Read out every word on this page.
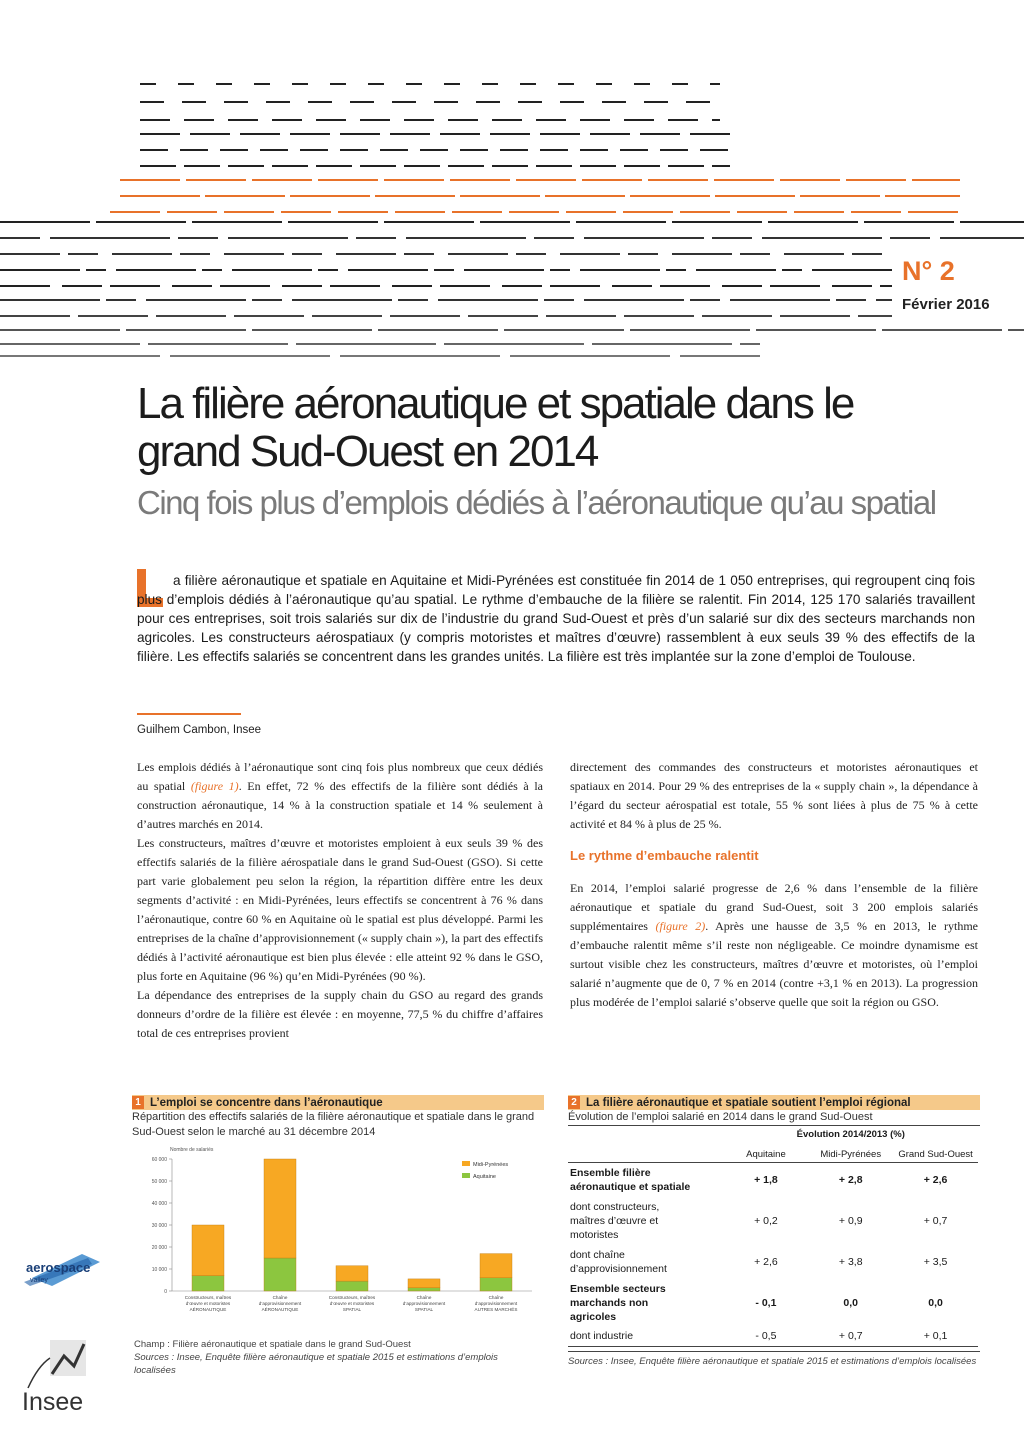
N° 2
Février 2016
La filière aéronautique et spatiale dans le grand Sud-Ouest en 2014
Cinq fois plus d’emplois dédiés à l’aéronautique qu’au spatial
a filière aéronautique et spatiale en Aquitaine et Midi-Pyrénées est constituée fin 2014 de 1 050 entreprises, qui regroupent cinq fois plus d’emplois dédiés à l’aéronautique qu’au spatial. Le rythme d’embauche de la filière se ralentit. Fin 2014, 125 170 salariés travaillent pour ces entreprises, soit trois salariés sur dix de l’industrie du grand Sud-Ouest et près d’un salarié sur dix des secteurs marchands non agricoles. Les constructeurs aérospatiaux (y compris motoristes et maîtres d’œuvre) rassemblent à eux seuls 39 % des effectifs de la filière. Les effectifs salariés se concentrent dans les grandes unités. La filière est très implantée sur la zone d’emploi de Toulouse.
Guilhem Cambon, Insee

Les emplois dédiés à l’aéronautique sont cinq fois plus nombreux que ceux dédiés au spatial (figure 1). En effet, 72 % des effectifs de la filière sont dédiés à la construction aéronautique, 14 % à la construction spatiale et 14 % seulement à d’autres marchés en 2014.

Les constructeurs, maîtres d’œuvre et motoristes emploient à eux seuls 39 % des effectifs salariés de la filière aérospatiale dans le grand Sud-Ouest (GSO). Si cette part varie globalement peu selon la région, la répartition diffère entre les deux segments d’activité : en Midi-Pyrénées, leurs effectifs se concentrent à 76 % dans l’aéronautique, contre 60 % en Aquitaine où le spatial est plus développé. Parmi les entreprises de la chaîne d’approvisionnement (« supply chain »), la part des effectifs dédiés à l’activité aéronautique est bien plus élevée : elle atteint 92 % dans le GSO, plus forte en Aquitaine (96 %) qu’en Midi-Pyrénées (90 %).

La dépendance des entreprises de la supply chain du GSO au regard des grands donneurs d’ordre de la filière est élevée : en moyenne, 77,5 % du chiffre d’affaires total de ces entreprises provient

directement des commandes des constructeurs et motoristes aéronautiques et spatiaux en 2014. Pour 29 % des entreprises de la « supply chain », la dépendance à l’égard du secteur aérospatial est totale, 55 % sont liées à plus de 75 % à cette activité et 84 % à plus de 25 %.

Le rythme d’embauche ralentit

En 2014, l’emploi salarié progresse de 2,6 % dans l’ensemble de la filière aéronautique et spatiale du grand Sud-Ouest, soit 3 200 emplois salariés supplémentaires (figure 2). Après une hausse de 3,5 % en 2013, le rythme d’embauche ralentit même s’il reste non négligeable. Ce moindre dynamisme est surtout visible chez les constructeurs, maîtres d’œuvre et motoristes, où l’emploi salarié n’augmente que de 0, 7 % en 2014 (contre +3,1 % en 2013). La progression plus modérée de l’emploi salarié s’observe quelle que soit la région ou GSO.

1 L’emploi se concentre dans l’aéronautique
Répartition des effectifs salariés de la filière aéronautique et spatiale dans le grand Sud-Ouest selon le marché au 31 décembre 2014
Nombre de salariés
0
10 000
20 000
30 000
40 000
50 000
60 000
Constructeurs, maîtres
d’œuvre et motoristes
AÉRONAUTIQUE
Chaîne
d’approvisionnement
AÉRONAUTIQUE
Constructeurs, maîtres
d’œuvre et motoristes
SPATIAL
Chaîne
d’approvisionnement
SPATIAL
Chaîne
d’approvisionnement
AUTRES MARCHÉS
Midi-Pyrénées
Aquitaine
Champ : Filière aéronautique et spatiale dans le grand Sud-Ouest
Sources : Insee, Enquête filière aéronautique et spatiale 2015 et estimations d’emplois localisées
2 La filière aéronautique et spatiale soutient l’emploi régional
Évolution de l’emploi salarié en 2014 dans le grand Sud-Ouest
	Évolution 2014/2013 (%)		
	Aquitaine	Midi-Pyrénées	Grand Sud-Ouest

Ensemble filière
aéronautique et spatiale	+ 1,8	+ 2,8	+ 2,6

dont constructeurs,
maîtres d’œuvre et
motoristes	+ 0,2	+ 0,9	+ 0,7

dont chaîne
d’approvisionnement	+ 2,6	+ 3,8	+ 3,5

Ensemble secteurs
marchands non
agricoles	- 0,1	0,0	0,0

dont industrie	- 0,5	+ 0,7	+ 0,1
Sources : Insee, Enquête filière aéronautique et spatiale 2015 et estimations d’emplois localisées
aerospace
valley
Insee
